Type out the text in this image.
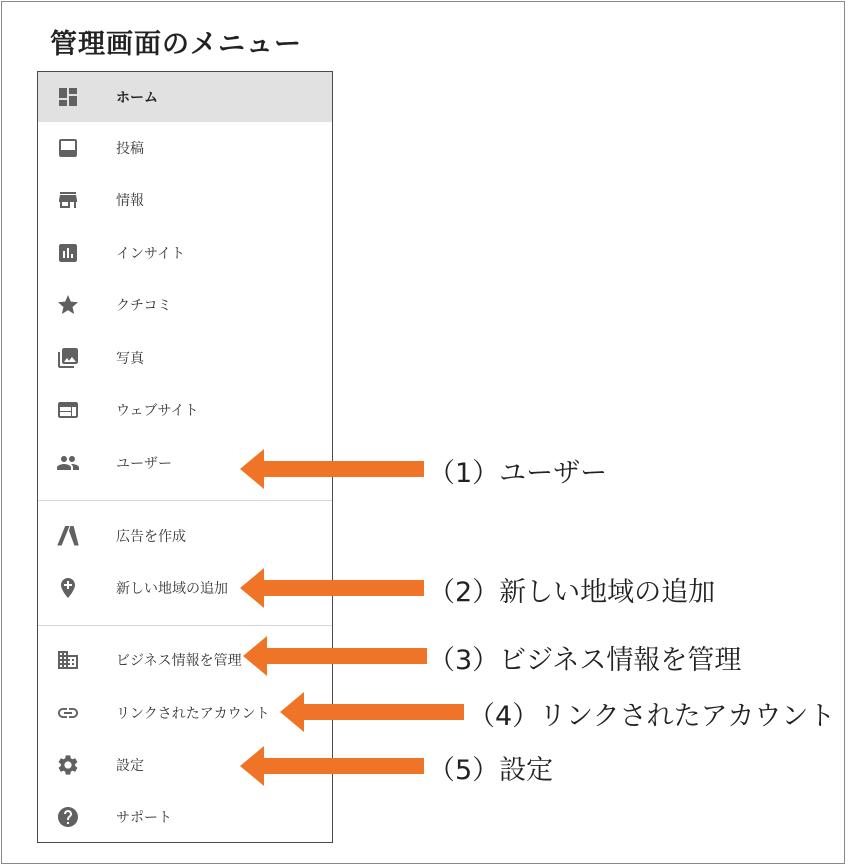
管理画面のメニュー
ホーム
投稿
情報
インサイト
クチコミ
写真
ウェブサイト
ユーザー
広告を作成
新しい地域の追加
ビジネス情報を管理
リンクされたアカウント
設定
サポート
（1）ユーザー
（2）新しい地域の追加
（3）ビジネス情報を管理
（4）リンクされたアカウント
（5）設定
